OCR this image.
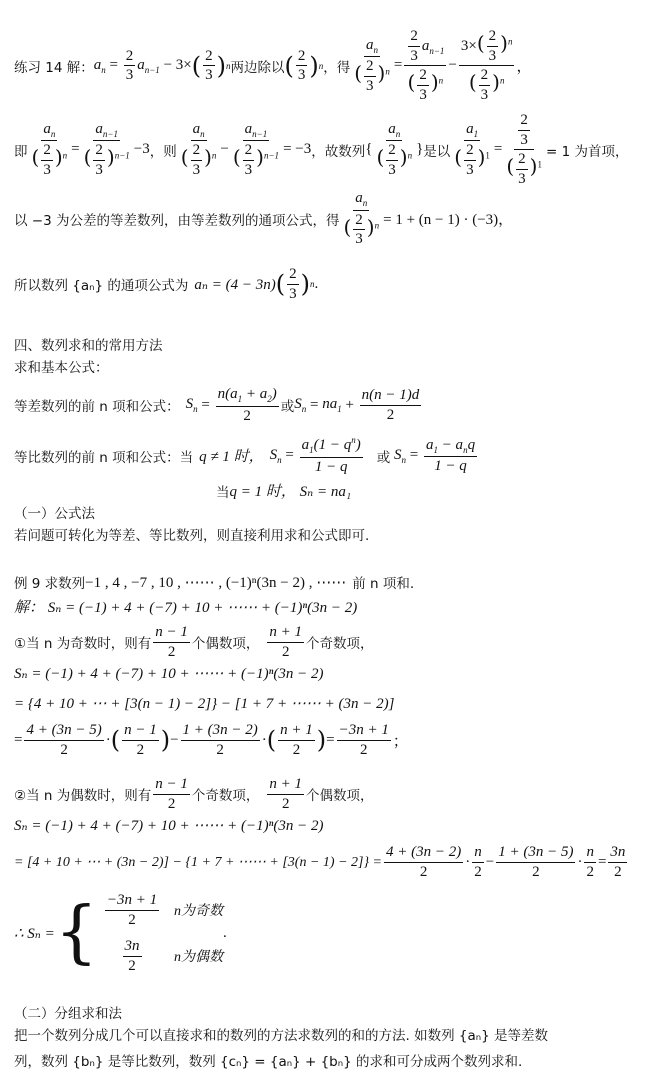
练习 14 解： $a_n = \frac{2}{3} a_{n-1} - 3\times$ ( $\frac{2}{3}$ ) n 两边除以 ( $\frac{2}{3}$ ) n ，得 $\frac{a_n}{( \frac{2}{3} )^n} = \frac{\frac{2}{3} a_{n-1}}{( \frac{2}{3} )^n} - \frac{3\times( \frac{2}{3} )^n}{( \frac{2}{3} )^n}$ ，
即 $\frac{a_n}{( \frac{2}{3} )^n} = \frac{a_{n-1}}{( \frac{2}{3} )^{n-1}} -3$ ，则 $\frac{a_n}{( \frac{2}{3} )^n} - \frac{a_{n-1}}{( \frac{2}{3} )^{n-1}} = -3$ ，故数列 { $\frac{a_n}{( \frac{2}{3} )^n}$ } 是以 $\frac{a_1}{( \frac{2}{3} )^1} = \frac{\frac{2}{3}}{( \frac{2}{3} )^1} = 1$ 为首项，
以 −3 为公差的等差数列，由等差数列的通项公式，得 $\frac{a_n}{( \frac{2}{3} )^n} = 1 + (n - 1) \cdot (-3)$，
所以数列 {aₙ} 的通项公式为 aₙ = (4 − 3n) ( $\frac{2}{3}$ ) n .
四、数列求和的常用方法
求和基本公式：
等差数列的前 n 项和公式： $S_n = \frac{n(a_1 + a_2)}{2}$ 或 $S_n = na_1 + \frac{n(n - 1)d}{2}$
等比数列的前 n 项和公式：当 q ≠ 1 时， $S_n = \frac{a_1(1 - q^n)}{1 - q}$ 或 $S_n = \frac{a_1 - a_nq}{1 - q}$
当 q = 1 时， Sₙ = na₁
（一）公式法
若问题可转化为等差、等比数列，则直接利用求和公式即可.
例 9 求数列 −1 , 4 , −7 , 10 , ⋯⋯ , (−1)ⁿ(3n − 2) , ⋯⋯ 前 n 项和.
解： Sₙ = (−1) + 4 + (−7) + 10 + ⋯⋯ + (−1)ⁿ(3n − 2)
①当 n 为奇数时，则有 $\frac{n - 1}{2}$ 个偶数项， $\frac{n + 1}{2}$ 个奇数项，
Sₙ = (−1) + 4 + (−7) + 10 + ⋯⋯ + (−1)ⁿ(3n − 2)
= {4 + 10 + ⋯ + [3(n − 1) − 2]} − [1 + 7 + ⋯⋯ + (3n − 2)]
= $\frac{4 + (3n - 5)}{2}$ · ( $\frac{n - 1}{2}$ ) − $\frac{1 + (3n - 2)}{2}$ · ( $\frac{n + 1}{2}$ ) = $\frac{-3n + 1}{2}$ ；
②当 n 为偶数时，则有 $\frac{n - 1}{2}$ 个奇数项， $\frac{n + 1}{2}$ 个偶数项，
Sₙ = (−1) + 4 + (−7) + 10 + ⋯⋯ + (−1)ⁿ(3n − 2)
= [4 + 10 + ⋯ + (3n − 2)] − {1 + 7 + ⋯⋯ + $[3(n - 1) - 2]\} = \frac{4 + (3n - 2)}{2} \cdot \frac{n}{2} - \frac{1 + (3n - 5)}{2} \cdot \frac{n}{2} = \frac{3n}{2}$
∴ Sₙ = { $\frac{-3n + 1}{2}$ n为奇数
$\frac{3n}{2}$ n为偶数
.
（二）分组求和法
把一个数列分成几个可以直接求和的数列的方法求数列的和的方法. 如数列 {aₙ} 是等差数
列，数列 {bₙ} 是等比数列，数列 {cₙ} = {aₙ} + {bₙ} 的求和可分成两个数列求和.
